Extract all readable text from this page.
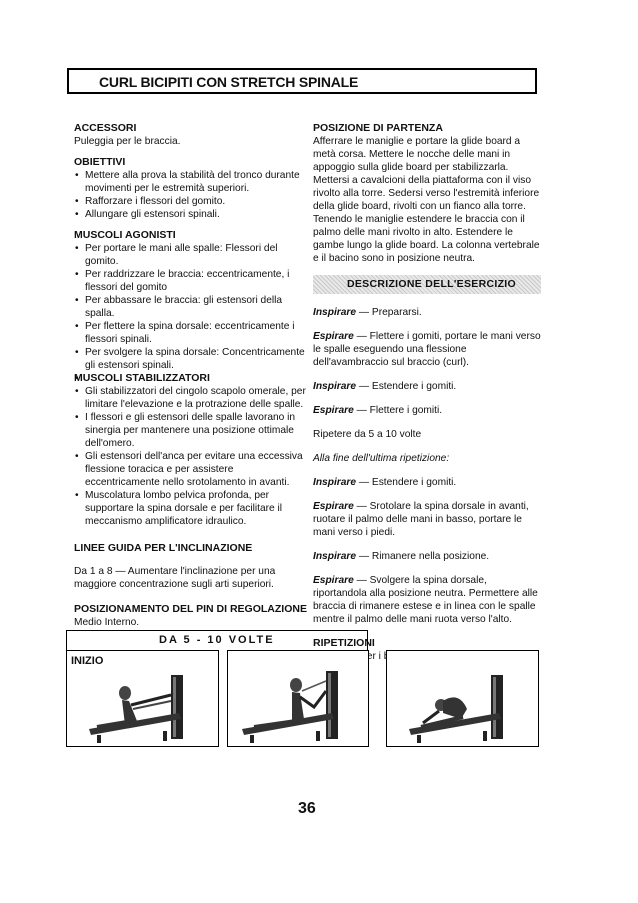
CURL BICIPITI CON STRETCH SPINALE
ACCESSORI

Puleggia per le braccia.

OBIETTIVI
• Mettere alla prova la stabilità del tronco durante movimenti per le estremità superiori.
• Rafforzare i flessori del gomito.
• Allungare gli estensori spinali.
MUSCOLI AGONISTI
• Per portare le mani alle spalle: Flessori del gomito.
• Per raddrizzare le braccia: eccentricamente, i flessori del gomito
• Per abbassare le braccia: gli estensori della spalla.
• Per flettere la spina dorsale: eccentricamente i flessori spinali.
• Per svolgere la spina dorsale: Concentricamente gli estensori spinali.
MUSCOLI STABILIZZATORI
• Gli stabilizzatori del cingolo scapolo omerale, per limitare l'elevazione e la protrazione delle spalle.
• I flessori e gli estensori delle spalle lavorano in sinergia per mantenere una posizione ottimale dell'omero.
• Gli estensori dell'anca per evitare una eccessiva flessione toracica e per assistere eccentricamente nello srotolamento in avanti.
• Muscolatura lombo pelvica profonda, per supportare la spina dorsale e per facilitare il meccanismo amplificatore idraulico.
LINEE GUIDA PER L'INCLINAZIONE

Da 1 a 8 — Aumentare l'inclinazione per una maggiore concentrazione sugli arti superiori.

POSIZIONAMENTO DEL PIN DI REGOLAZIONE

Medio Interno.

POSIZIONE DI PARTENZA

Afferrare le maniglie e portare la glide board a metà corsa. Mettere le nocche delle mani in appoggio sulla glide board per stabilizzarla. Mettersi a cavalcioni della piattaforma con il viso rivolto alla torre. Sedersi verso l'estremità inferiore della glide board, rivolti con un fianco alla torre. Tenendo le maniglie estendere le braccia con il palmo delle mani rivolto in alto. Estendere le gambe lungo la glide board. La colonna vertebrale e il bacino sono in posizione neutra.

DESCRIZIONE DELL'ESERCIZIO

Inspirare — Prepararsi.

Espirare — Flettere i gomiti, portare le mani verso le spalle eseguendo una flessione dell'avambraccio sul braccio (curl).

Inspirare — Estendere i gomiti.

Espirare — Flettere i gomiti.

Ripetere da 5 a 10 volte

Alla fine dell'ultima ripetizione:

Inspirare — Estendere i gomiti.

Espirare — Srotolare la spina dorsale in avanti, ruotare il palmo delle mani in basso, portare le mani verso i piedi.

Inspirare — Rimanere nella posizione.

Espirare — Svolgere la spina dorsale, riportandola alla posizione neutra. Permettere alle braccia di rimanere estese e in linea con le spalle mentre il palmo delle mani ruota verso l'alto.

RIPETIZIONI

i

DA 5 - 10 VOLTE
INIZIO
36
